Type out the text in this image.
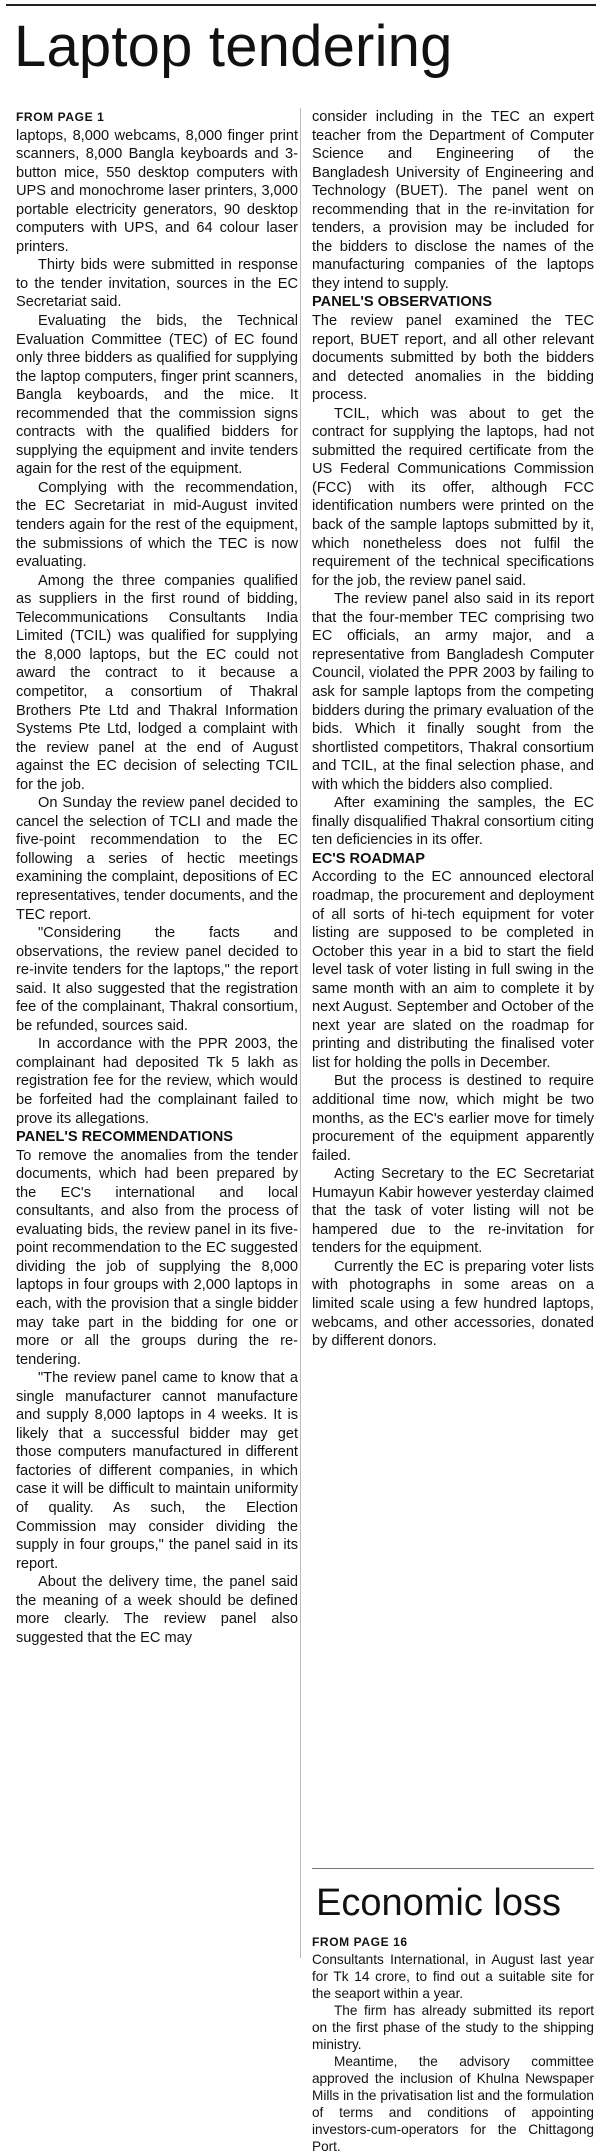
Laptop tendering

FROM PAGE 1

laptops, 8,000 webcams, 8,000 finger print scanners, 8,000 Bangla keyboards and 3-button mice, 550 desktop computers with UPS and monochrome laser printers, 3,000 portable electricity generators, 90 desktop computers with UPS, and 64 colour laser printers.

Thirty bids were submitted in response to the tender invitation, sources in the EC Secretariat said.

Evaluating the bids, the Technical Evaluation Committee (TEC) of EC found only three bidders as qualified for supplying the laptop computers, finger print scanners, Bangla keyboards, and the mice. It recommended that the commission signs contracts with the qualified bidders for supplying the equipment and invite tenders again for the rest of the equipment.

Complying with the recommendation, the EC Secretariat in mid-August invited tenders again for the rest of the equipment, the submissions of which the TEC is now evaluating.

Among the three companies qualified as suppliers in the first round of bidding, Telecommunications Consultants India Limited (TCIL) was qualified for supplying the 8,000 laptops, but the EC could not award the contract to it because a competitor, a consortium of Thakral Brothers Pte Ltd and Thakral Information Systems Pte Ltd, lodged a complaint with the review panel at the end of August against the EC decision of selecting TCIL for the job.

On Sunday the review panel decided to cancel the selection of TCLI and made the five-point recommendation to the EC following a series of hectic meetings examining the complaint, depositions of EC representatives, tender documents, and the TEC report.

"Considering the facts and observations, the review panel decided to re-invite tenders for the laptops," the report said. It also suggested that the registration fee of the complainant, Thakral consortium, be refunded, sources said.

In accordance with the PPR 2003, the complainant had deposited Tk 5 lakh as registration fee for the review, which would be forfeited had the complainant failed to prove its allegations.

PANEL'S RECOMMENDATIONS

To remove the anomalies from the tender documents, which had been prepared by the EC's international and local consultants, and also from the process of evaluating bids, the review panel in its five-point recommendation to the EC suggested dividing the job of supplying the 8,000 laptops in four groups with 2,000 laptops in each, with the provision that a single bidder may take part in the bidding for one or more or all the groups during the re-tendering.

"The review panel came to know that a single manufacturer cannot manufacture and supply 8,000 laptops in 4 weeks. It is likely that a successful bidder may get those computers manufactured in different factories of different companies, in which case it will be difficult to maintain uniformity of quality. As such, the Election Commission may consider dividing the supply in four groups," the panel said in its report.

About the delivery time, the panel said the meaning of a week should be defined more clearly. The review panel also suggested that the EC may

consider including in the TEC an expert teacher from the Department of Computer Science and Engineering of the Bangladesh University of Engineering and Technology (BUET). The panel went on recommending that in the re-invitation for tenders, a provision may be included for the bidders to disclose the names of the manufacturing companies of the laptops they intend to supply.

PANEL'S OBSERVATIONS

The review panel examined the TEC report, BUET report, and all other relevant documents submitted by both the bidders and detected anomalies in the bidding process.

TCIL, which was about to get the contract for supplying the laptops, had not submitted the required certificate from the US Federal Communications Commission (FCC) with its offer, although FCC identification numbers were printed on the back of the sample laptops submitted by it, which nonetheless does not fulfil the requirement of the technical specifications for the job, the review panel said.

The review panel also said in its report that the four-member TEC comprising two EC officials, an army major, and a representative from Bangladesh Computer Council, violated the PPR 2003 by failing to ask for sample laptops from the competing bidders during the primary evaluation of the bids. Which it finally sought from the shortlisted competitors, Thakral consortium and TCIL, at the final selection phase, and with which the bidders also complied.

After examining the samples, the EC finally disqualified Thakral consortium citing ten deficiencies in its offer.

EC'S ROADMAP

According to the EC announced electoral roadmap, the procurement and deployment of all sorts of hi-tech equipment for voter listing are supposed to be completed in October this year in a bid to start the field level task of voter listing in full swing in the same month with an aim to complete it by next August. September and October of the next year are slated on the roadmap for printing and distributing the finalised voter list for holding the polls in December.

But the process is destined to require additional time now, which might be two months, as the EC's earlier move for timely procurement of the equipment apparently failed.

Acting Secretary to the EC Secretariat Humayun Kabir however yesterday claimed that the task of voter listing will not be hampered due to the re-invitation for tenders for the equipment.

Currently the EC is preparing voter lists with photographs in some areas on a limited scale using a few hundred laptops, webcams, and other accessories, donated by different donors.

Economic loss

FROM PAGE 16

Consultants International, in August last year for Tk 14 crore, to find out a suitable site for the seaport within a year.

The firm has already submitted its report on the first phase of the study to the shipping ministry.

Meantime, the advisory committee approved the inclusion of Khulna Newspaper Mills in the privatisation list and the formulation of terms and conditions of appointing investors-cum-operators for the Chittagong Port.
